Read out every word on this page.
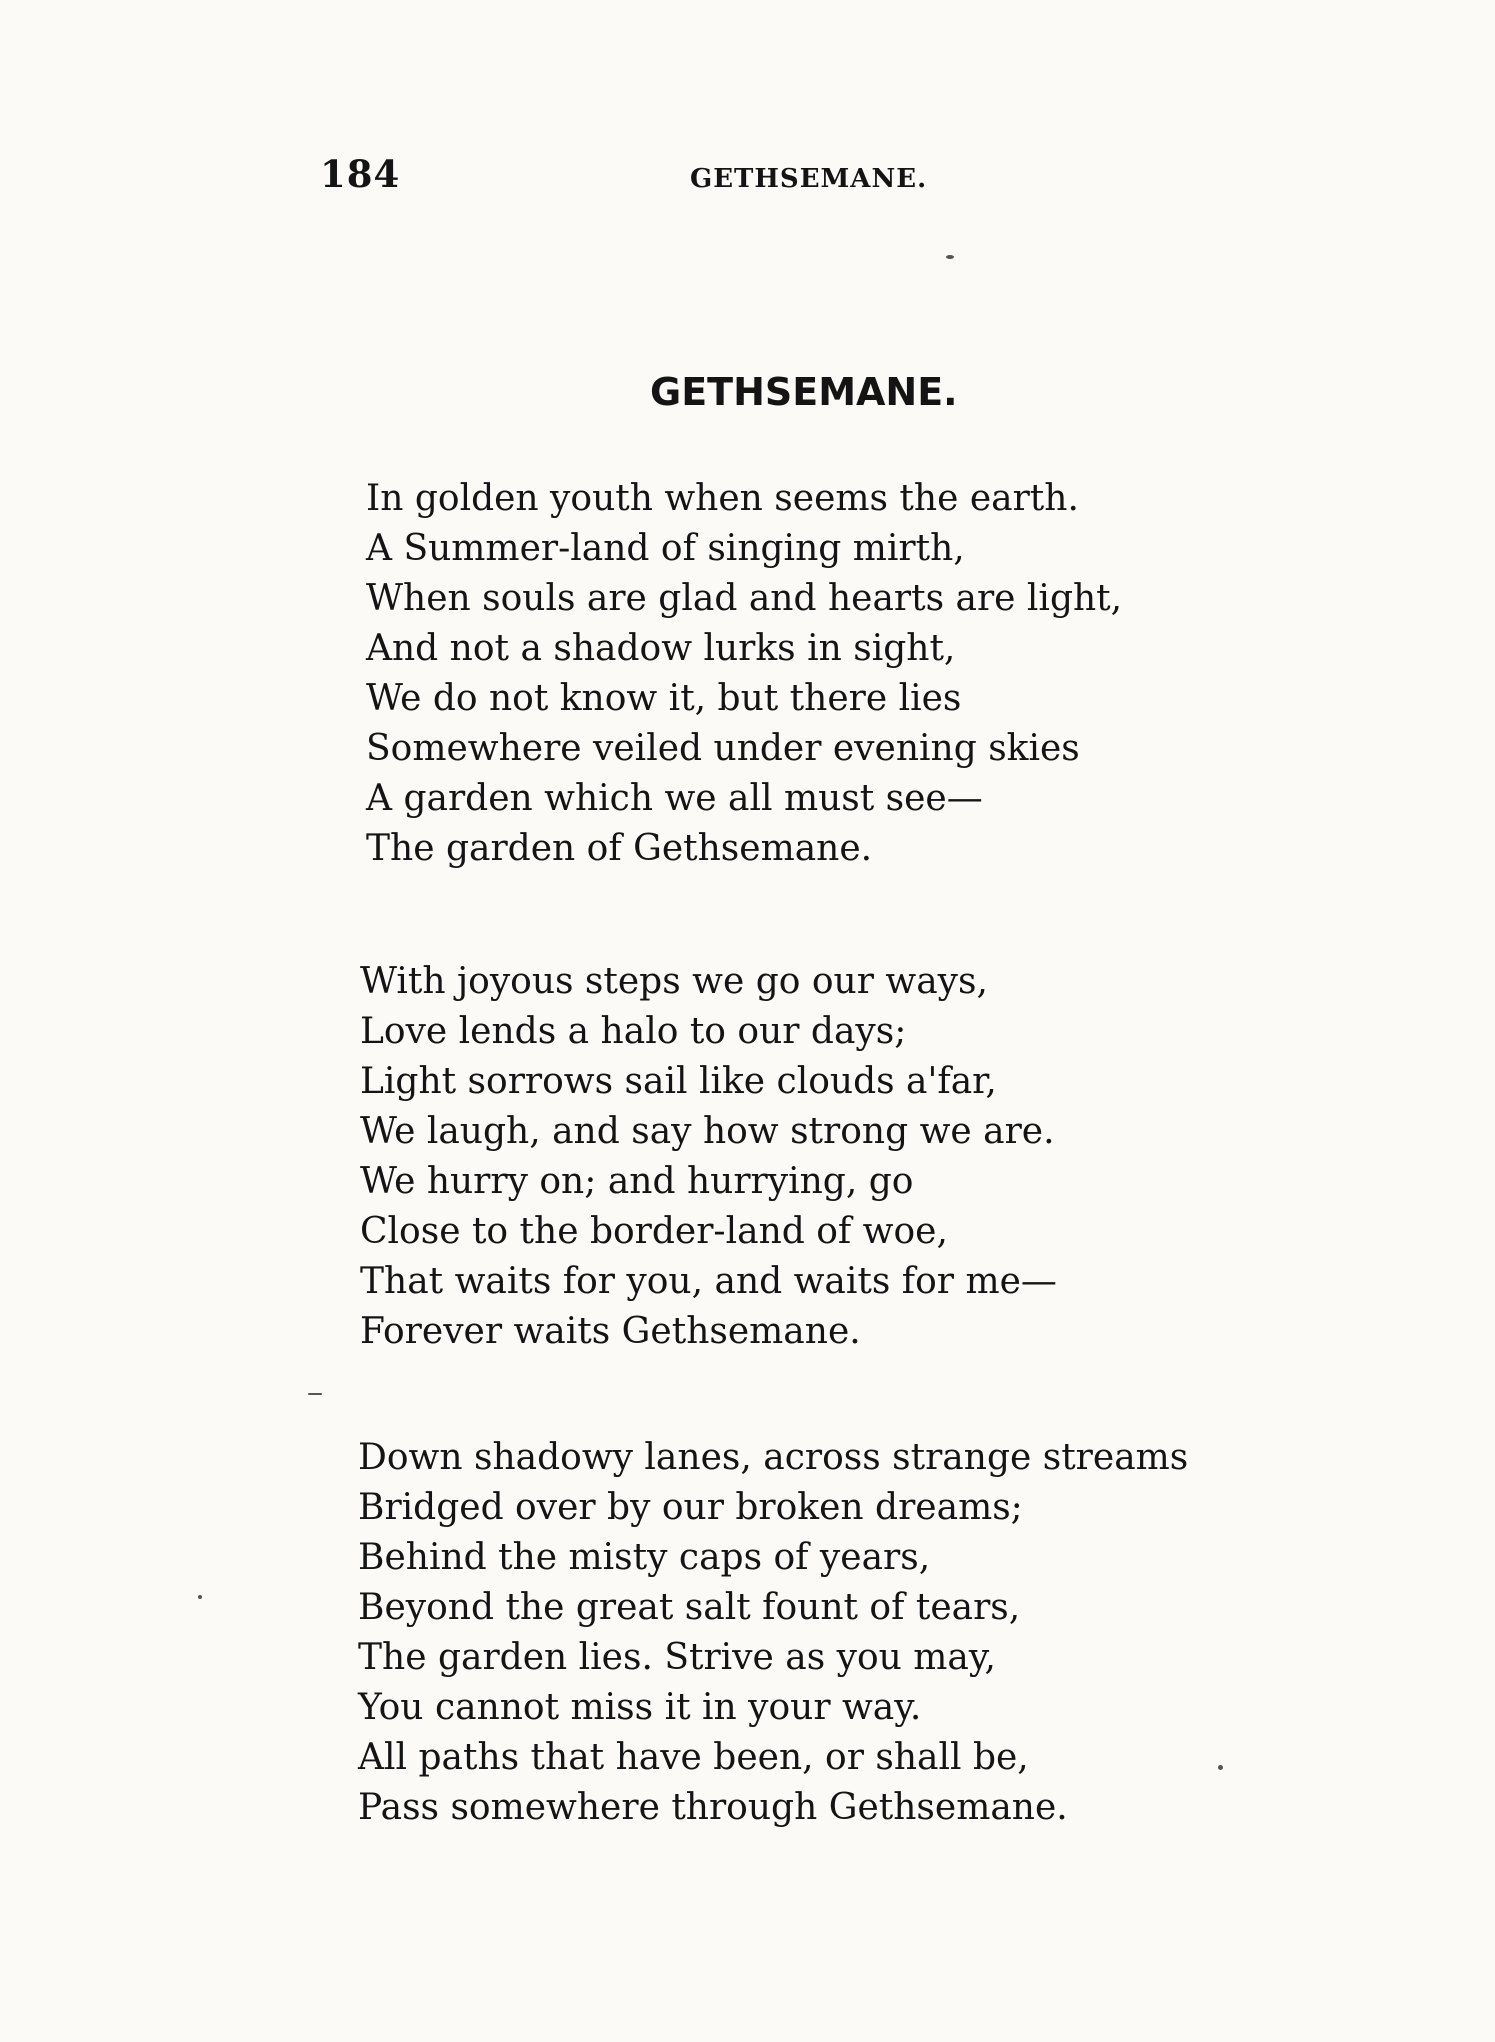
184	GETHSEMANE.
GETHSEMANE.
In golden youth when seems the earth.
A Summer-land of singing mirth,
When souls are glad and hearts are light,
And not a shadow lurks in sight,
We do not know it, but there lies
Somewhere veiled under evening skies
A garden which we all must see—
The garden of Gethsemane.
With joyous steps we go our ways,
Love lends a halo to our days;
Light sorrows sail like clouds a'far,
We laugh, and say how strong we are.
We hurry on; and hurrying, go
Close to the border-land of woe,
That waits for you, and waits for me—
Forever waits Gethsemane.
Down shadowy lanes, across strange streams
Bridged over by our broken dreams;
Behind the misty caps of years,
Beyond the great salt fount of tears,
The garden lies. Strive as you may,
You cannot miss it in your way.
All paths that have been, or shall be,
Pass somewhere through Gethsemane.
